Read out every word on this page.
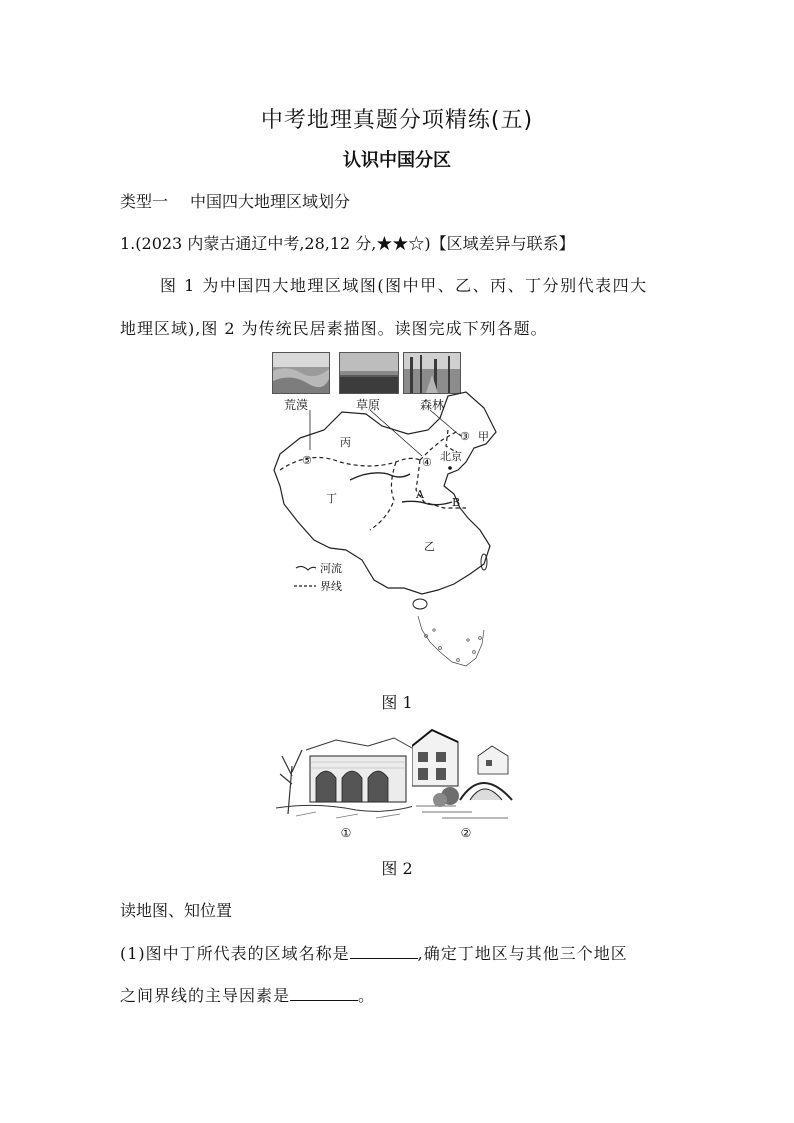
中考地理真题分项精练(五)
认识中国分区
类型一 中国四大地理区域划分
1.(2023 内蒙古通辽中考,28,12 分,★★☆)【区域差异与联系】
图 1 为中国四大地理区域图(图中甲、乙、丙、丁分别代表四大
地理区域),图 2 为传统民居素描图。读图完成下列各题。
荒漠	草原	森林
丙	甲
丁
乙
③
④
⑤	北京
A
B
河流
界线
图 1
①	②
图 2
读地图、知位置
(1)图中丁所代表的区域名称是	,确定丁地区与其他三个地区
之间界线的主导因素是	。
